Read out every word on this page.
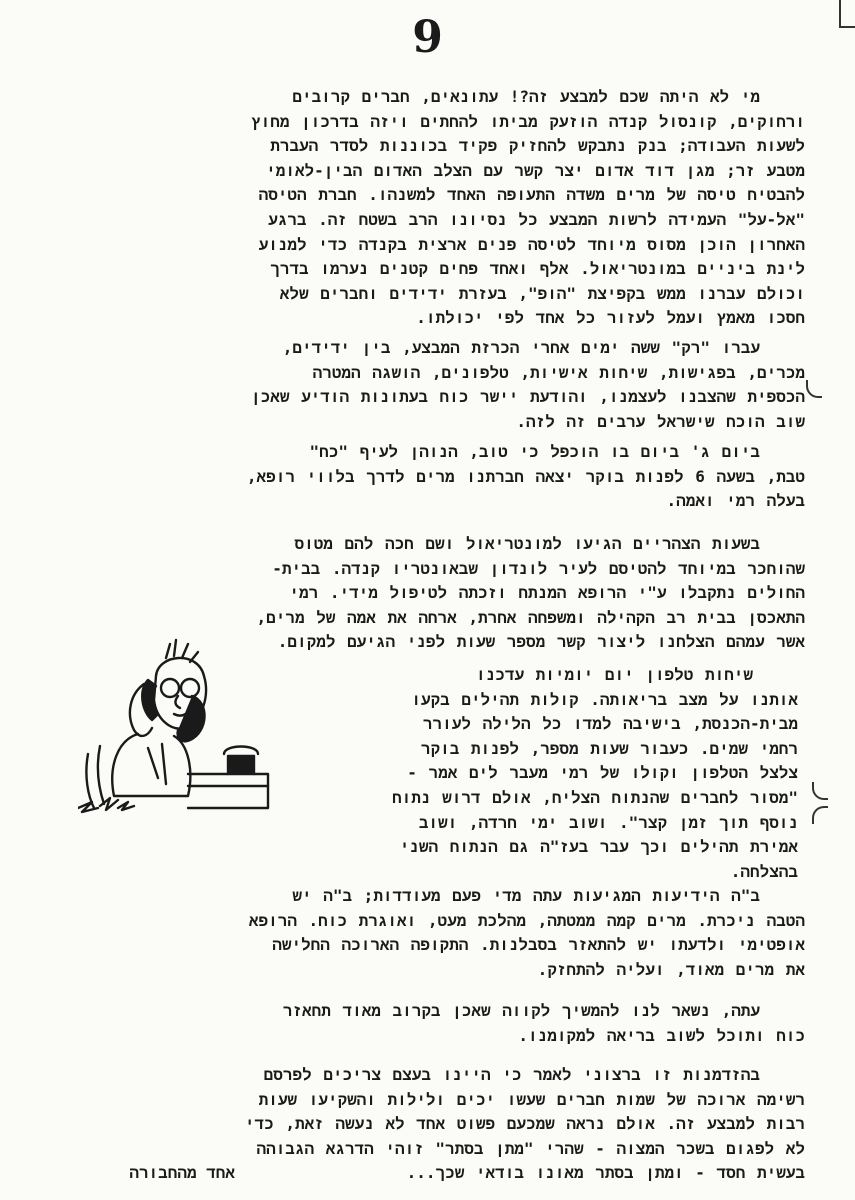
9
מי לא היתה שכם למבצע זה?! עתונאים, חברים קרובים
ורחוקים, קונסול קנדה הוזעק מביתו להחתים ויזה בדרכון מחוץ
לשעות העבודה; בנק נתבקש להחזיק פקיד בכוננות לסדר העברת
מטבע זר; מגן דוד אדום יצר קשר עם הצלב האדום הבין-לאומי
להבטיח טיסה של מרים משדה התעופה האחד למשנהו. חברת הטיסה
"אל-על" העמידה לרשות המבצע כל נסיונו הרב בשטח זה. ברגע
האחרון הוכן מסוס מיוחד לטיסה פנים ארצית בקנדה כדי למנוע
לינת ביניים במונטריאול. אלף ואחד פחים קטנים נערמו בדרך
וכולם עברנו ממש בקפיצת "הופ", בעזרת ידידים וחברים שלא
חסכו מאמץ ועמל לעזור כל אחד לפי יכולתו.
עברו "רק" ששה ימים אחרי הכרזת המבצע, בין ידידים,
מכרים, בפגישות, שיחות אישיות, טלפונים, הושגה המטרה
הכספית שהצבנו לעצמנו, והודעת יישר כוח בעתונות הודיע שאכן
שוב הוכח שישראל ערבים זה לזה.
ביום ג' ביום בו הוכפל כי טוב, הנוהן לעיף "כח"
טבת, בשעה 6 לפנות בוקר יצאה חברתנו מרים לדרך בלווי רופא,
בעלה רמי ואמה.
בשעות הצהריים הגיעו למונטריאול ושם חכה להם מטוס
שהוחכר במיוחד להטיסם לעיר לונדון שבאונטריו קנדה. בבית-
החולים נתקבלו ע"י הרופא המנתח וזכתה לטיפול מידי. רמי
התאכסן בבית רב הקהילה ומשפחה אחרת, ארחה את אמה של מרים,
אשר עמהם הצלחנו ליצור קשר מספר שעות לפני הגיעם למקום.
שיחות טלפון יום יומיות עדכנו
אותנו על מצב בריאותה. קולות תהילים בקעו
מבית-הכנסת, בישיבה למדו כל הלילה לעורר
רחמי שמים. כעבור שעות מספר, לפנות בוקר
צלצל הטלפון וקולו של רמי מעבר לים אמר -
"מסור לחברים שהנתוח הצליח, אולם דרוש נתוח
נוסף תוך זמן קצר". ושוב ימי חרדה, ושוב
אמירת תהילים וכך עבר בעז"ה גם הנתוח השני
בהצלחה.
ב"ה הידיעות המגיעות עתה מדי פעם מעודדות; ב"ה יש
הטבה ניכרת. מרים קמה ממטתה, מהלכת מעט, ואוגרת כוח. הרופא
אופטימי ולדעתו יש להתאזר בסבלנות. התקופה הארוכה החלישה
את מרים מאוד, ועליה להתחזק.
עתה, נשאר לנו להמשיך לקווה שאכן בקרוב מאוד תחאזר
כוח ותוכל לשוב בריאה למקומנו.
בהזדמנות זו ברצוני לאמר כי היינו בעצם צריכים לפרסם
רשימה ארוכה של שמות חברים שעשו יכים ולילות והשקיעו שעות
רבות למבצע זה. אולם נראה שמכעם פשוט אחד לא נעשה זאת, כדי
לא לפגום בשכר המצוה - שהרי "מתן בסתר" זוהי הדרגא הגבוהה
בעשית חסד - ומתן בסתר מאונו בודאי שכך...
אחד מהחבורה
